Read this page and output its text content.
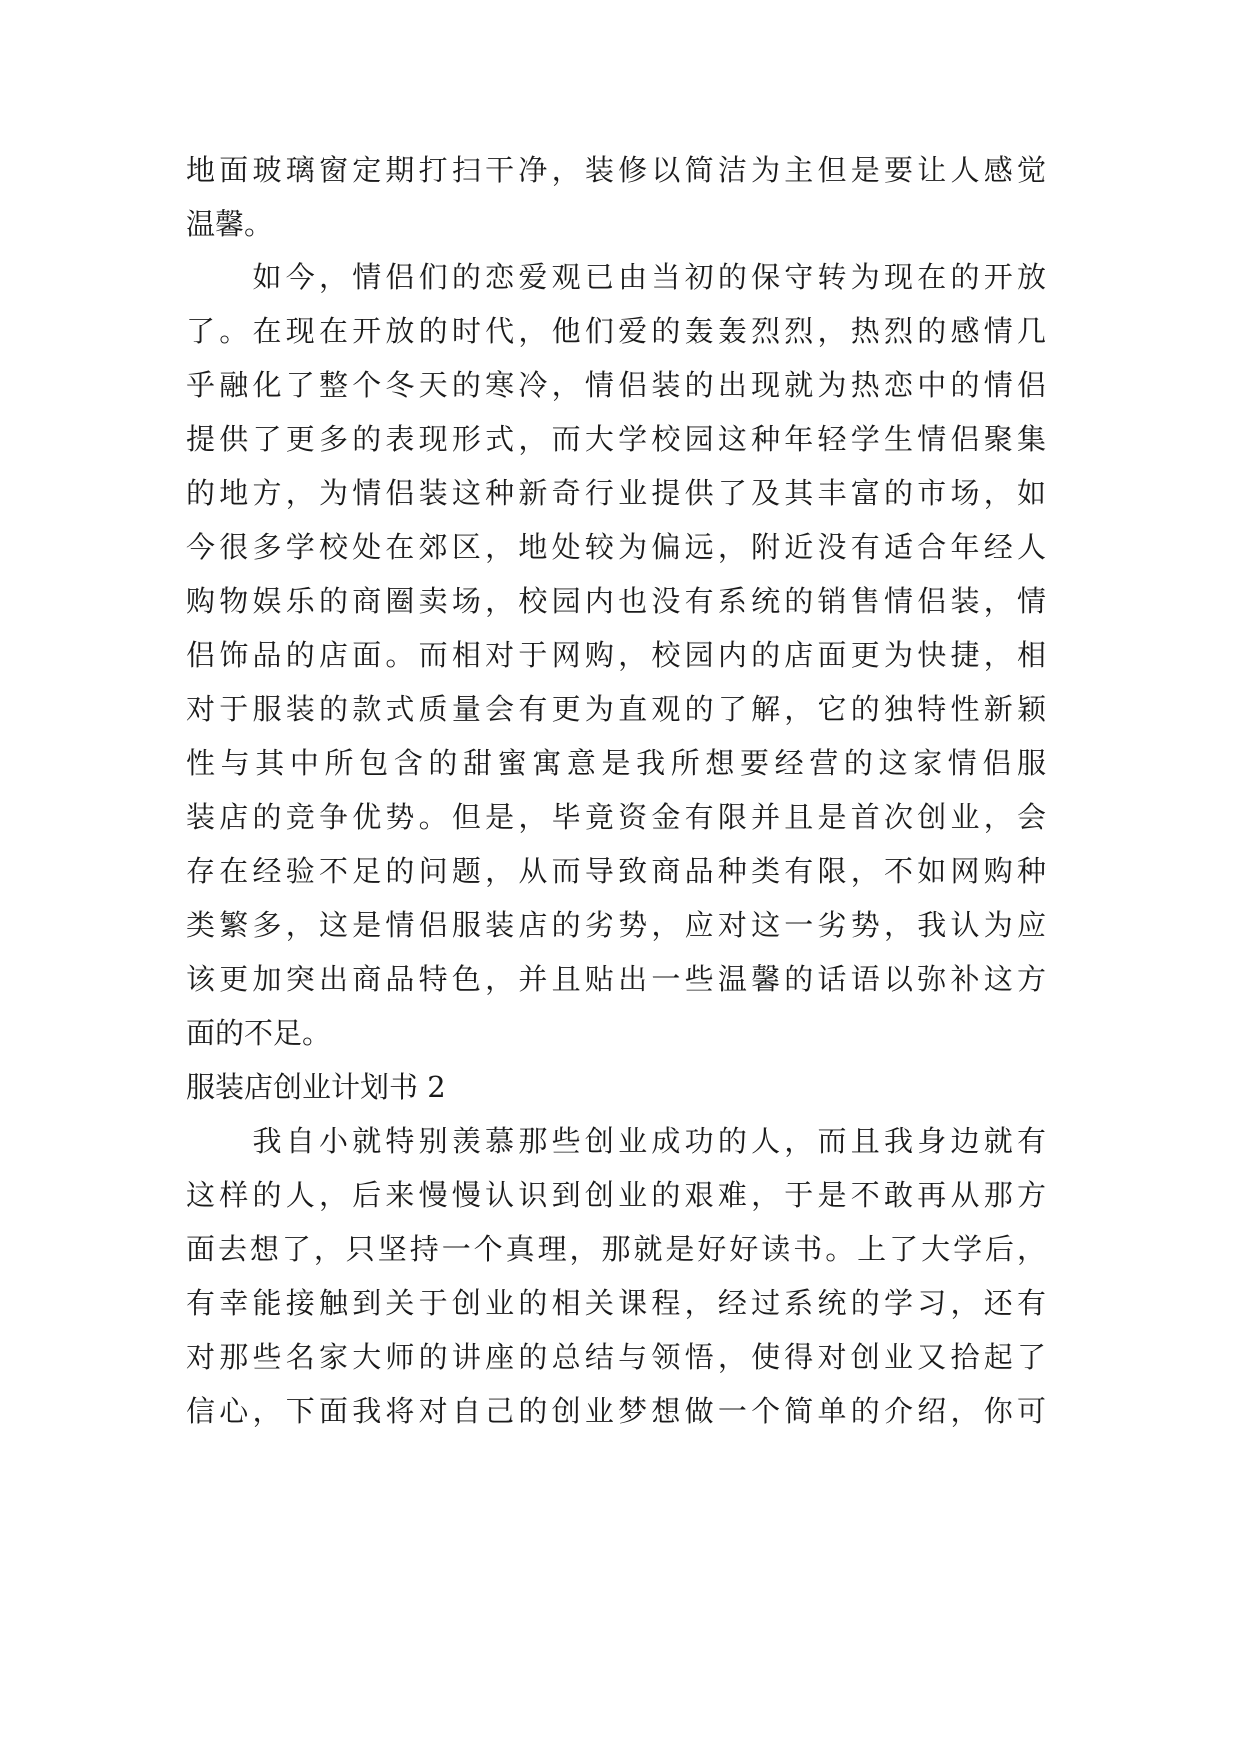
地面玻璃窗定期打扫干净，装修以简洁为主但是要让人感觉
温馨。
　　如今，情侣们的恋爱观已由当初的保守转为现在的开放
了。在现在开放的时代，他们爱的轰轰烈烈，热烈的感情几
乎融化了整个冬天的寒冷，情侣装的出现就为热恋中的情侣
提供了更多的表现形式，而大学校园这种年轻学生情侣聚集
的地方，为情侣装这种新奇行业提供了及其丰富的市场，如
今很多学校处在郊区，地处较为偏远，附近没有适合年经人
购物娱乐的商圈卖场，校园内也没有系统的销售情侣装，情
侣饰品的店面。而相对于网购，校园内的店面更为快捷，相
对于服装的款式质量会有更为直观的了解，它的独特性新颖
性与其中所包含的甜蜜寓意是我所想要经营的这家情侣服
装店的竞争优势。但是，毕竟资金有限并且是首次创业，会
存在经验不足的问题，从而导致商品种类有限，不如网购种
类繁多，这是情侣服装店的劣势，应对这一劣势，我认为应
该更加突出商品特色，并且贴出一些温馨的话语以弥补这方
面的不足。
服装店创业计划书 2
　　我自小就特别羡慕那些创业成功的人，而且我身边就有
这样的人，后来慢慢认识到创业的艰难，于是不敢再从那方
面去想了，只坚持一个真理，那就是好好读书。上了大学后，
有幸能接触到关于创业的相关课程，经过系统的学习，还有
对那些名家大师的讲座的总结与领悟，使得对创业又拾起了
信心，下面我将对自己的创业梦想做一个简单的介绍，你可
